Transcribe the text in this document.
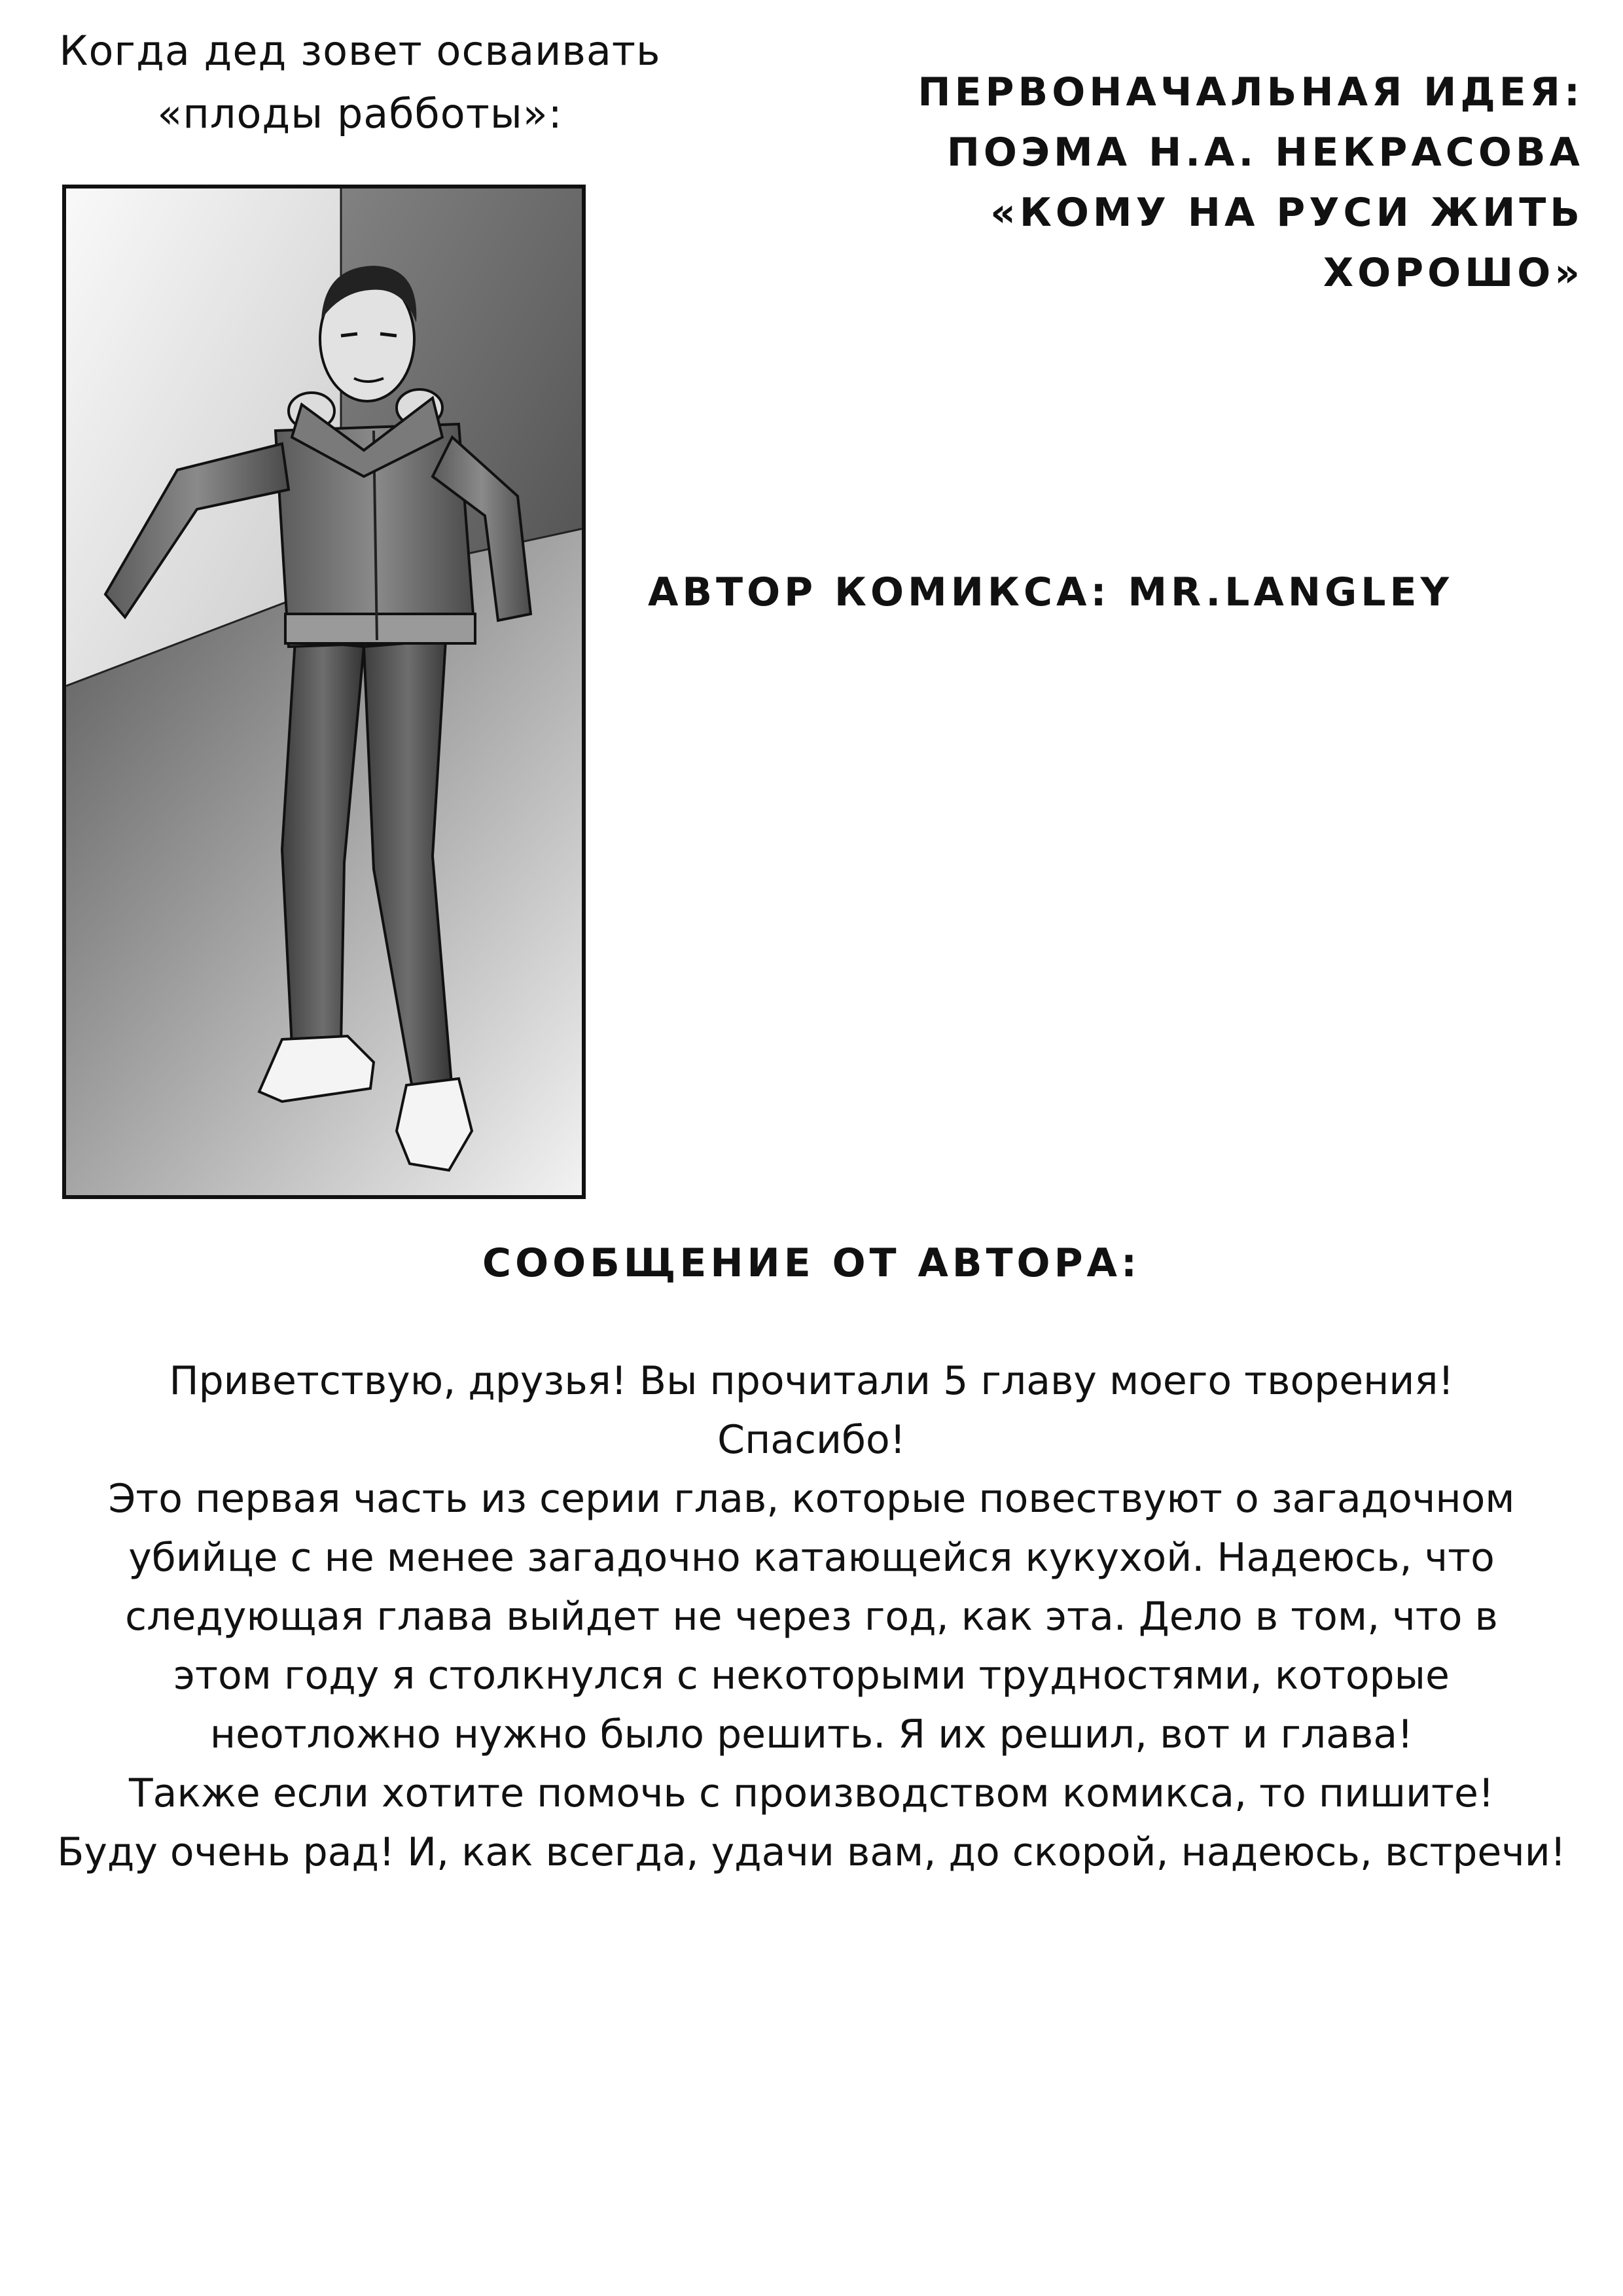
Когда дед зовет осваивать
«плоды рабботы»:	ПЕРВОНАЧАЛЬНАЯ ИДЕЯ:
ПОЭМА Н.А. НЕКРАСОВА
«КОМУ НА РУСИ ЖИТЬ
ХОРОШО»
АВТОР КОМИКСА: MR.LANGLEY
СООБЩЕНИЕ ОТ АВТОРА:
Приветствую, друзья! Вы прочитали 5 главу моего творения!
Спасибо!
Это первая часть из серии глав, которые повествуют о загадочном
убийце с не менее загадочно катающейся кукухой. Надеюсь, что
следующая глава выйдет не через год, как эта. Дело в том, что в
этом году я столкнулся с некоторыми трудностями, которые
неотложно нужно было решить. Я их решил, вот и глава!
Также если хотите помочь с производством комикса, то пишите!
Буду очень рад! И, как всегда, удачи вам, до скорой, надеюсь, встречи!
